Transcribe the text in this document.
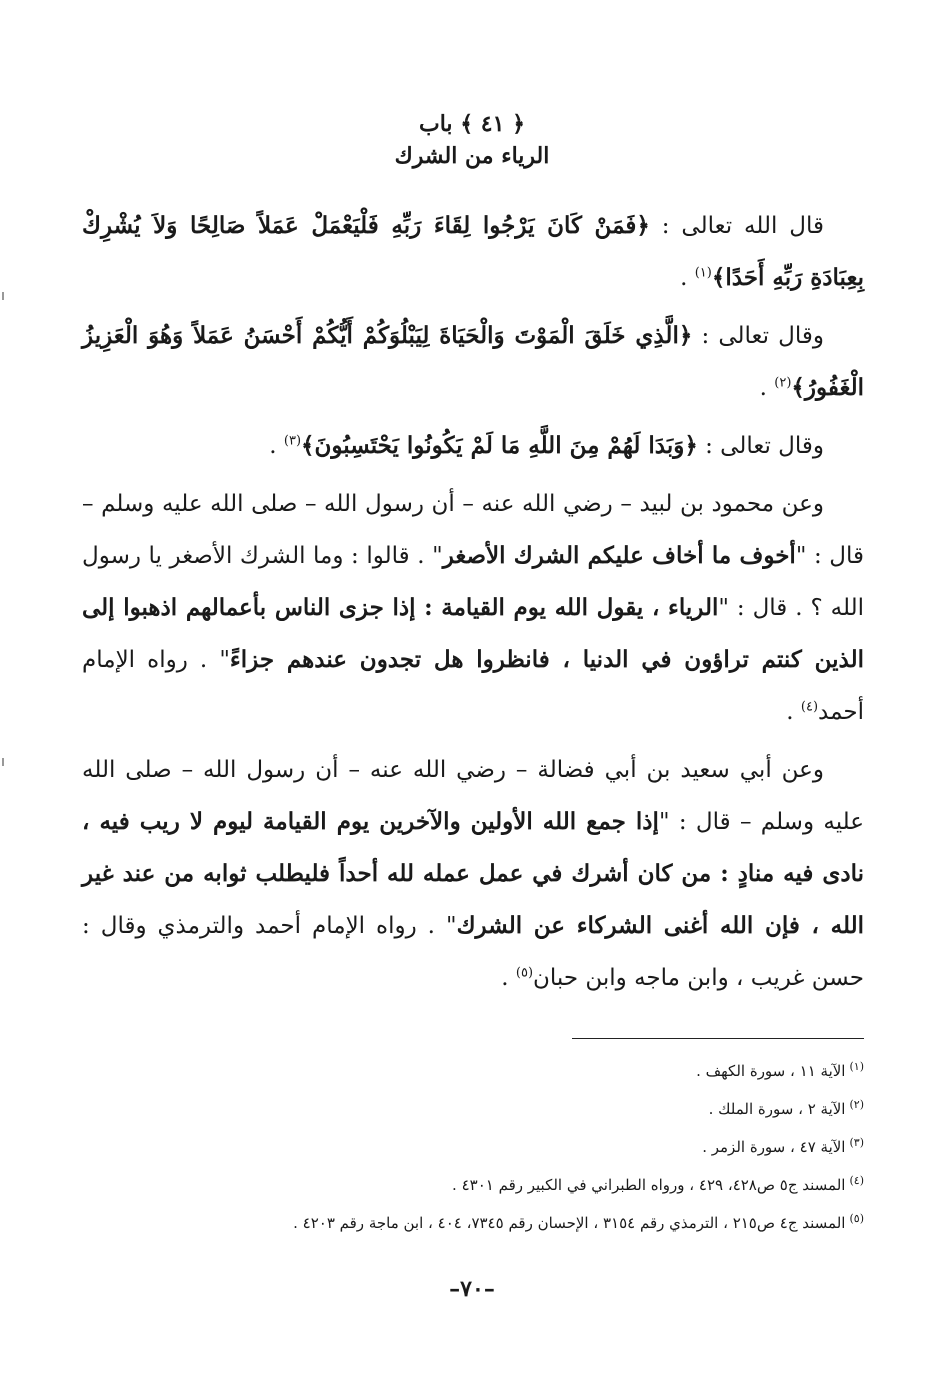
﴿ ٤١ ﴾ باب
الرياء من الشرك

قال الله تعالى : ﴿فَمَنْ كَانَ يَرْجُوا لِقَاءَ رَبِّهِ فَلْيَعْمَلْ عَمَلاً صَالِحًا وَلاَ يُشْرِكْ بِعِبَادَةِ رَبِّهِ أَحَدًا﴾$^{(١)}$ .

وقال تعالى : ﴿الَّذِي خَلَقَ الْمَوْتَ وَالْحَيَاةَ لِيَبْلُوَكُمْ أَيُّكُمْ أَحْسَنُ عَمَلاً وَهُوَ الْعَزِيزُ الْغَفُورُ﴾$^{(٢)}$ .

وقال تعالى : ﴿وَبَدَا لَهُمْ مِنَ اللَّهِ مَا لَمْ يَكُونُوا يَحْتَسِبُونَ﴾$^{(٣)}$ .

وعن محمود بن لبيد – رضي الله عنه – أن رسول الله – صلى الله عليه وسلم – قال : "أخوف ما أخاف عليكم الشرك الأصغر" . قالوا : وما الشرك الأصغر يا رسول الله ؟ . قال : "الرياء ، يقول الله يوم القيامة : إذا جزى الناس بأعمالهم اذهبوا إلى الذين كنتم تراؤون في الدنيا ، فانظروا هل تجدون عندهم جزاءً" . رواه الإمام أحمد$^{(٤)}$ .

وعن أبي سعيد بن أبي فضالة – رضي الله عنه – أن رسول الله – صلى الله عليه وسلم – قال : "إذا جمع الله الأولين والآخرين يوم القيامة ليوم لا ريب فيه ، نادى فيه منادٍ : من كان أشرك في عمل عمله لله أحداً فليطلب ثوابه من عند غير الله ، فإن الله أغنى الشركاء عن الشرك" . رواه الإمام أحمد والترمذي وقال : حسن غريب ، وابن ماجه وابن حبان$^{(٥)}$ .

$^{(١)}$الآية ١١ ، سورة الكهف .
$^{(٢)}$الآية ٢ ، سورة الملك .
$^{(٣)}$الآية ٤٧ ، سورة الزمر .
$^{(٤)}$المسند ج٥ ص٤٢٨، ٤٢٩ ، ورواه الطبراني في الكبير رقم ٤٣٠١ .
$^{(٥)}$المسند ج٤ ص٢١٥ ، الترمذي رقم ٣١٥٤ ، الإحسان رقم ٧٣٤٥، ٤٠٤ ، ابن ماجة رقم ٤٢٠٣ .
–٧٠–
